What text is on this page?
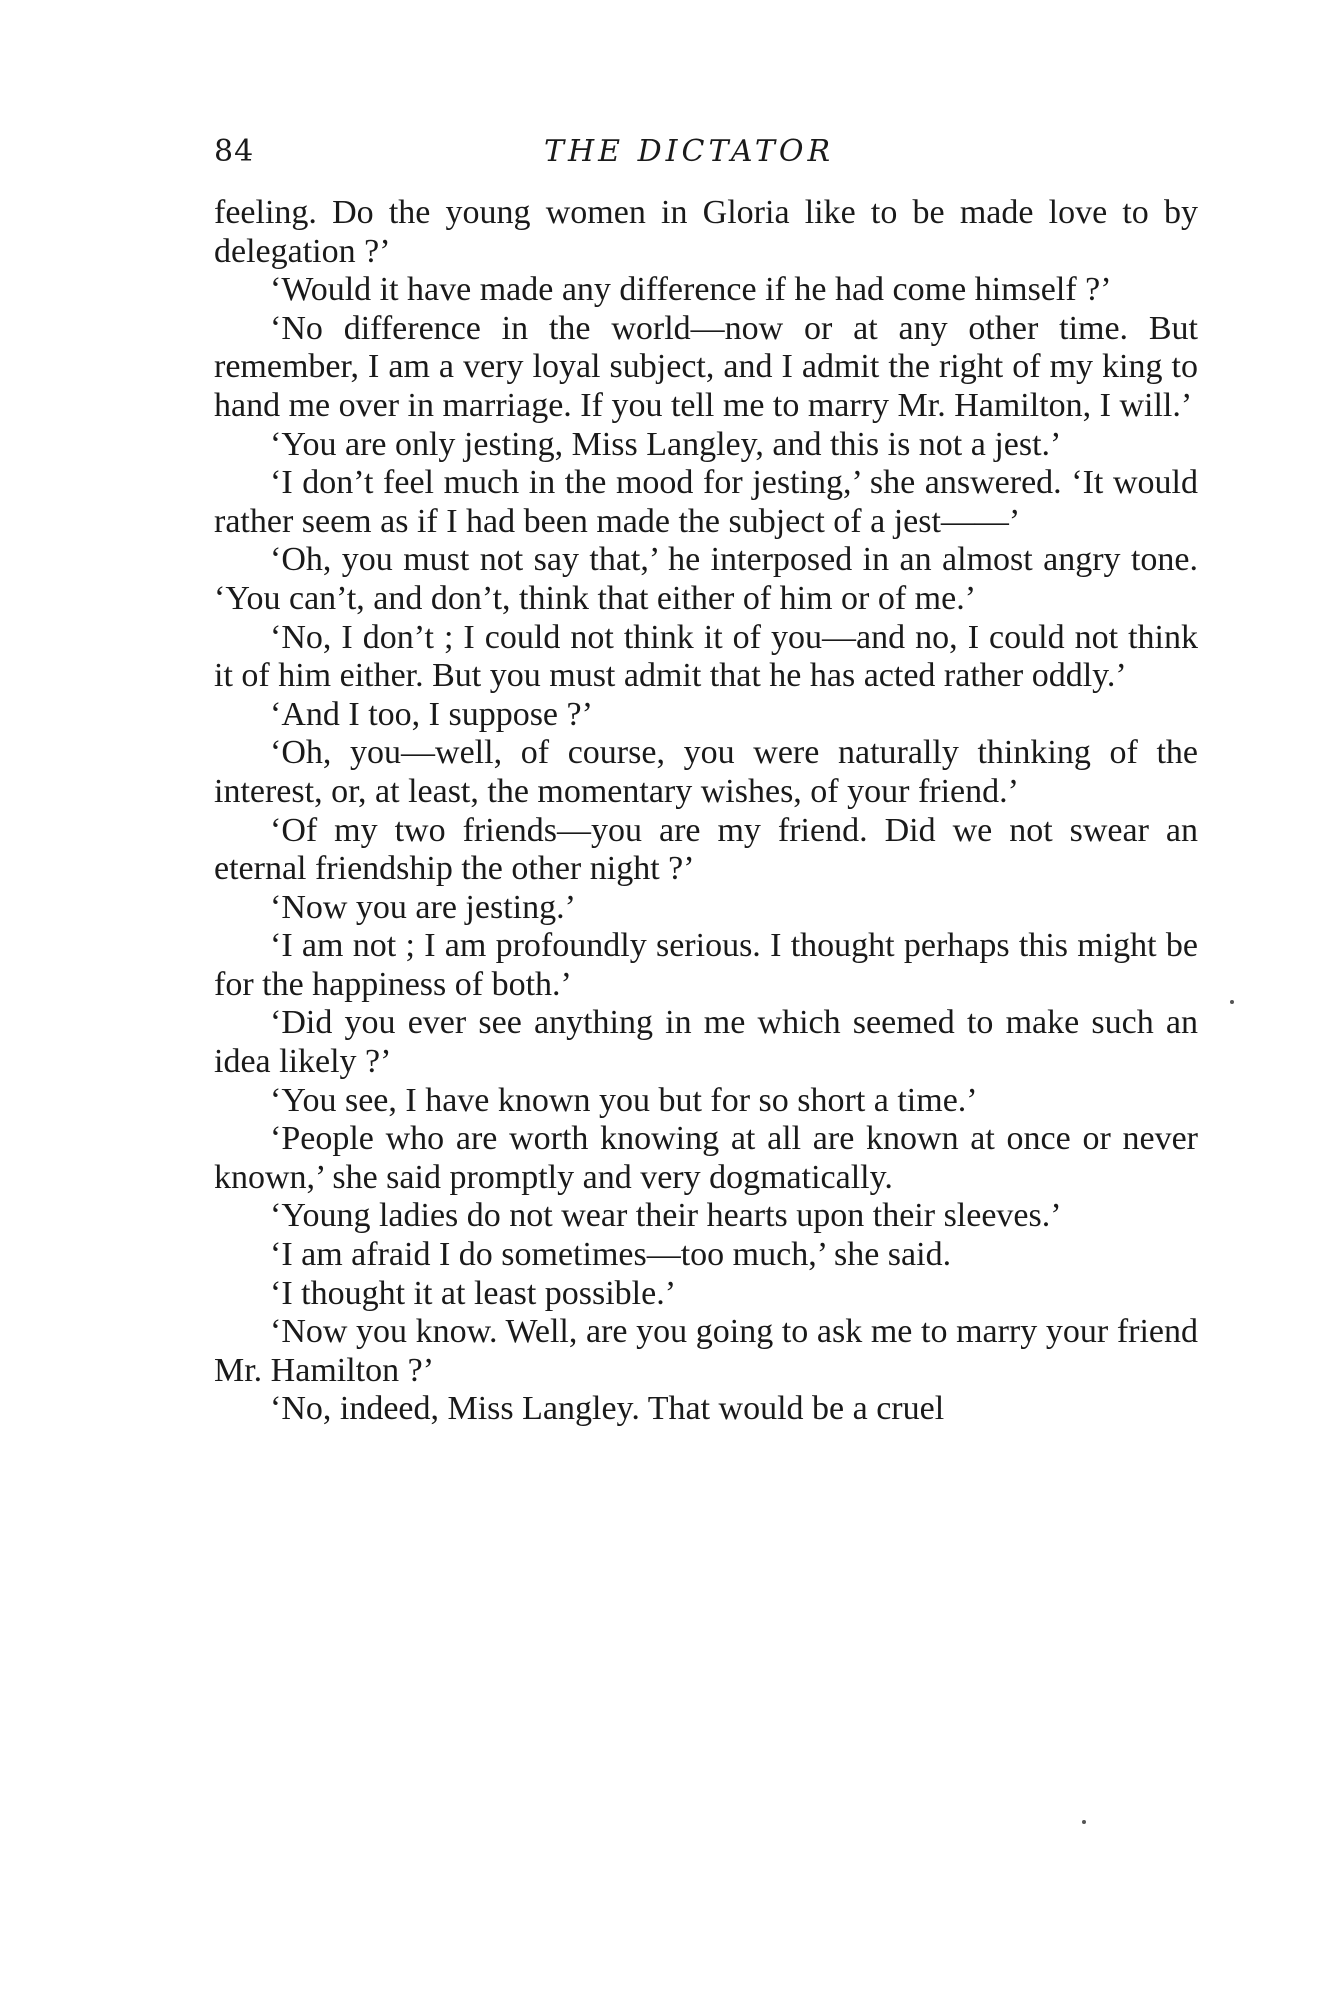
84	THE DICTATOR

feeling. Do the young women in Gloria like to be made love to by delegation ?’

‘Would it have made any difference if he had come himself ?’

‘No difference in the world—now or at any other time. But remember, I am a very loyal subject, and I admit the right of my king to hand me over in marriage. If you tell me to marry Mr. Hamilton, I will.’

‘You are only jesting, Miss Langley, and this is not a jest.’

‘I don’t feel much in the mood for jesting,’ she answered. ‘It would rather seem as if I had been made the subject of a jest——’

‘Oh, you must not say that,’ he interposed in an almost angry tone. ‘You can’t, and don’t, think that either of him or of me.’

‘No, I don’t ; I could not think it of you—and no, I could not think it of him either. But you must admit that he has acted rather oddly.’

‘And I too, I suppose ?’

‘Oh, you—well, of course, you were naturally thinking of the interest, or, at least, the momentary wishes, of your friend.’

‘Of my two friends—you are my friend. Did we not swear an eternal friendship the other night ?’

‘Now you are jesting.’

‘I am not ; I am profoundly serious. I thought perhaps this might be for the happiness of both.’

‘Did you ever see anything in me which seemed to make such an idea likely ?’

‘You see, I have known you but for so short a time.’

‘People who are worth knowing at all are known at once or never known,’ she said promptly and very dogmatically.

‘Young ladies do not wear their hearts upon their sleeves.’

‘I am afraid I do sometimes—too much,’ she said.

‘I thought it at least possible.’

‘Now you know. Well, are you going to ask me to marry your friend Mr. Hamilton ?’

‘No, indeed, Miss Langley. That would be a cruel
